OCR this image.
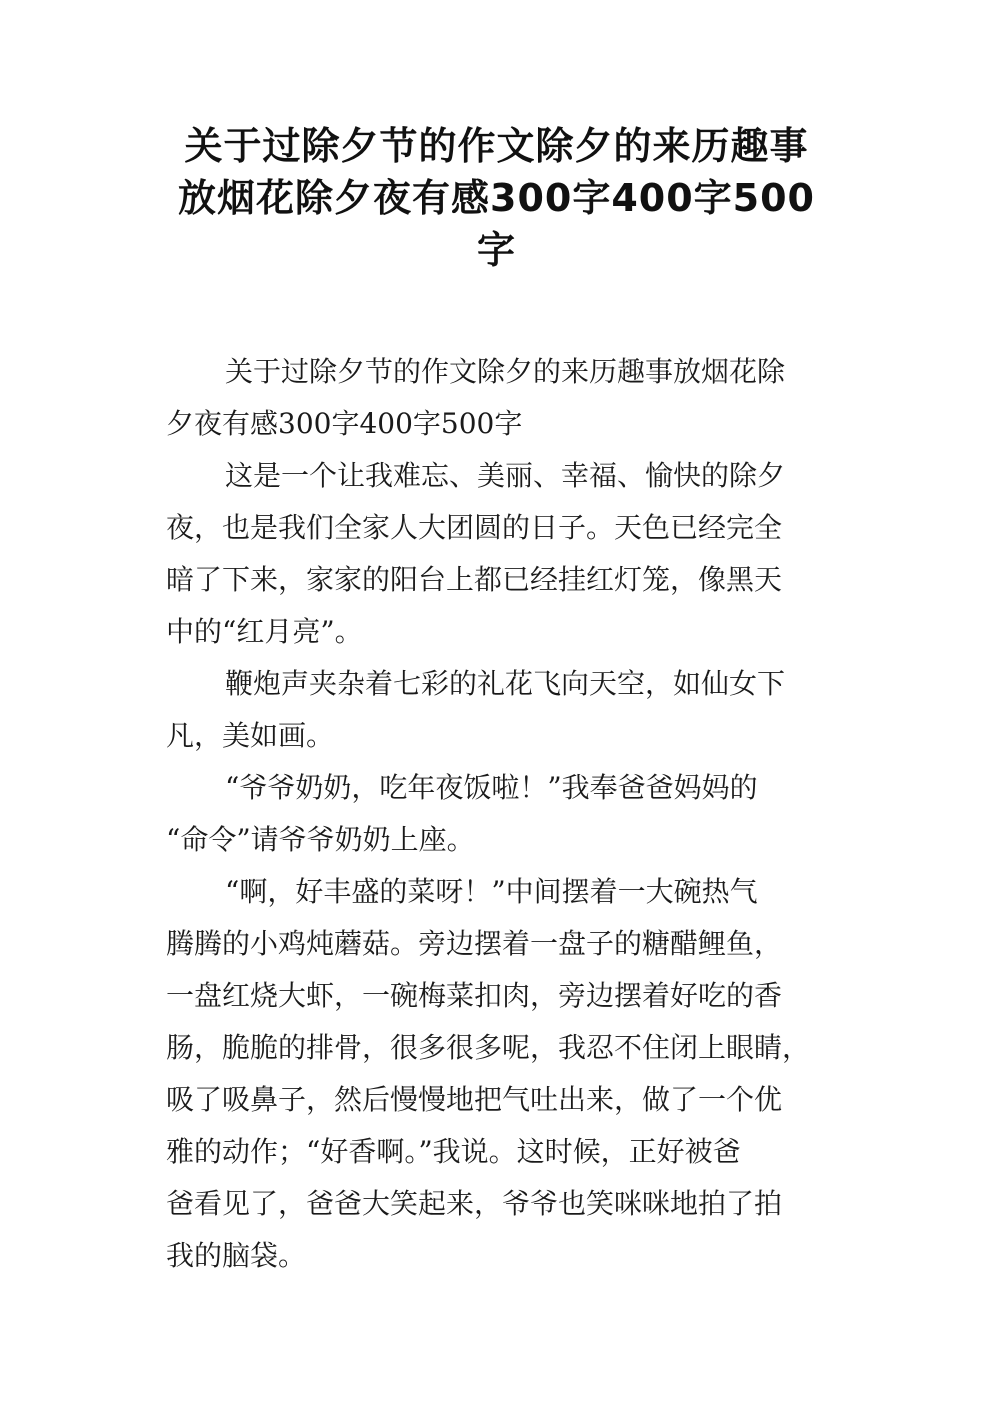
关于过除夕节的作文除夕的来历趣事
放烟花除夕夜有感300字400字500
字

关于过除夕节的作文除夕的来历趣事放烟花除
夕夜有感300字400字500字

这是一个让我难忘、美丽、幸福、愉快的除夕
夜，也是我们全家人大团圆的日子。天色已经完全
暗了下来，家家的阳台上都已经挂红灯笼，像黑天
中的“红月亮”。

鞭炮声夹杂着七彩的礼花飞向天空，如仙女下
凡，美如画。

“爷爷奶奶，吃年夜饭啦！”我奉爸爸妈妈的
“命令”请爷爷奶奶上座。

“啊，好丰盛的菜呀！”中间摆着一大碗热气
腾腾的小鸡炖蘑菇。旁边摆着一盘子的糖醋鲤鱼，
一盘红烧大虾，一碗梅菜扣肉，旁边摆着好吃的香
肠，脆脆的排骨，很多很多呢，我忍不住闭上眼睛，
吸了吸鼻子，然后慢慢地把气吐出来，做了一个优
雅的动作；“好香啊。”我说。这时候，正好被爸
爸看见了，爸爸大笑起来，爷爷也笑咪咪地拍了拍
我的脑袋。
